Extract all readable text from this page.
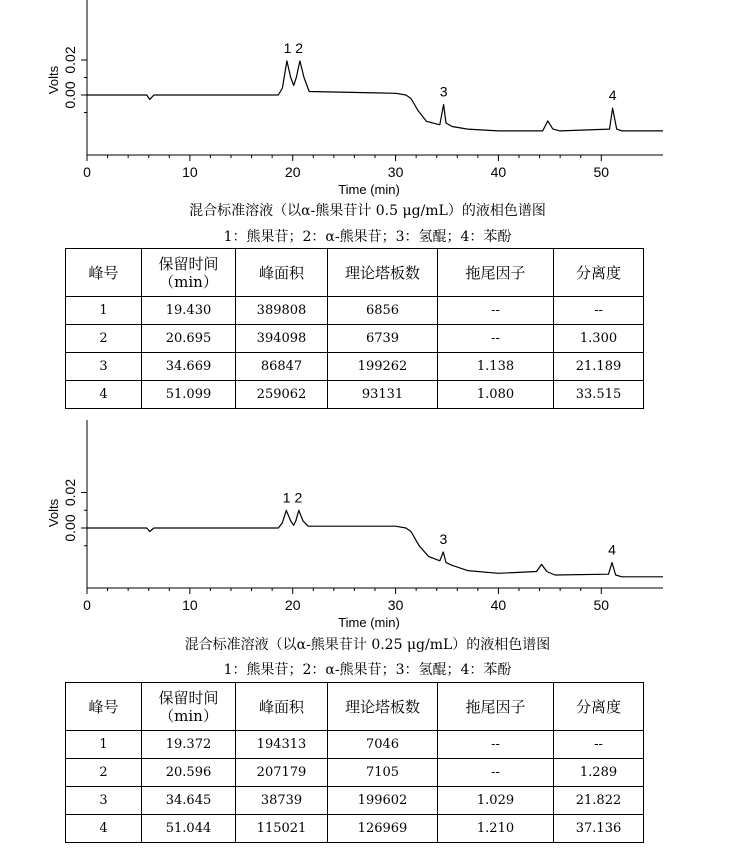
0	10	20	30	40	50
0.00
0.02
Volts
Time (min)
1 2
3	4
混合标准溶液（以α-熊果苷计 0.5 μg/mL）的液相色谱图
1：熊果苷；2：α-熊果苷；3：氢醌；4：苯酚
峰号	保留时间
（min）	峰面积	理论塔板数	拖尾因子	分离度
1	19.430	389808	6856	--	--
2	20.695	394098	6739	--	1.300
3	34.669	86847	199262	1.138	21.189
4	51.099	259062	93131	1.080	33.515
0	10	20	30	40	50
0.00
0.02
Volts
Time (min)
1 2
3
4
混合标准溶液（以α-熊果苷计 0.25 μg/mL）的液相色谱图
1：熊果苷；2：α-熊果苷；3：氢醌；4：苯酚
峰号	保留时间
（min）	峰面积	理论塔板数	拖尾因子	分离度
1	19.372	194313	7046	--	--
2	20.596	207179	7105	--	1.289
3	34.645	38739	199602	1.029	21.822
4	51.044	115021	126969	1.210	37.136
